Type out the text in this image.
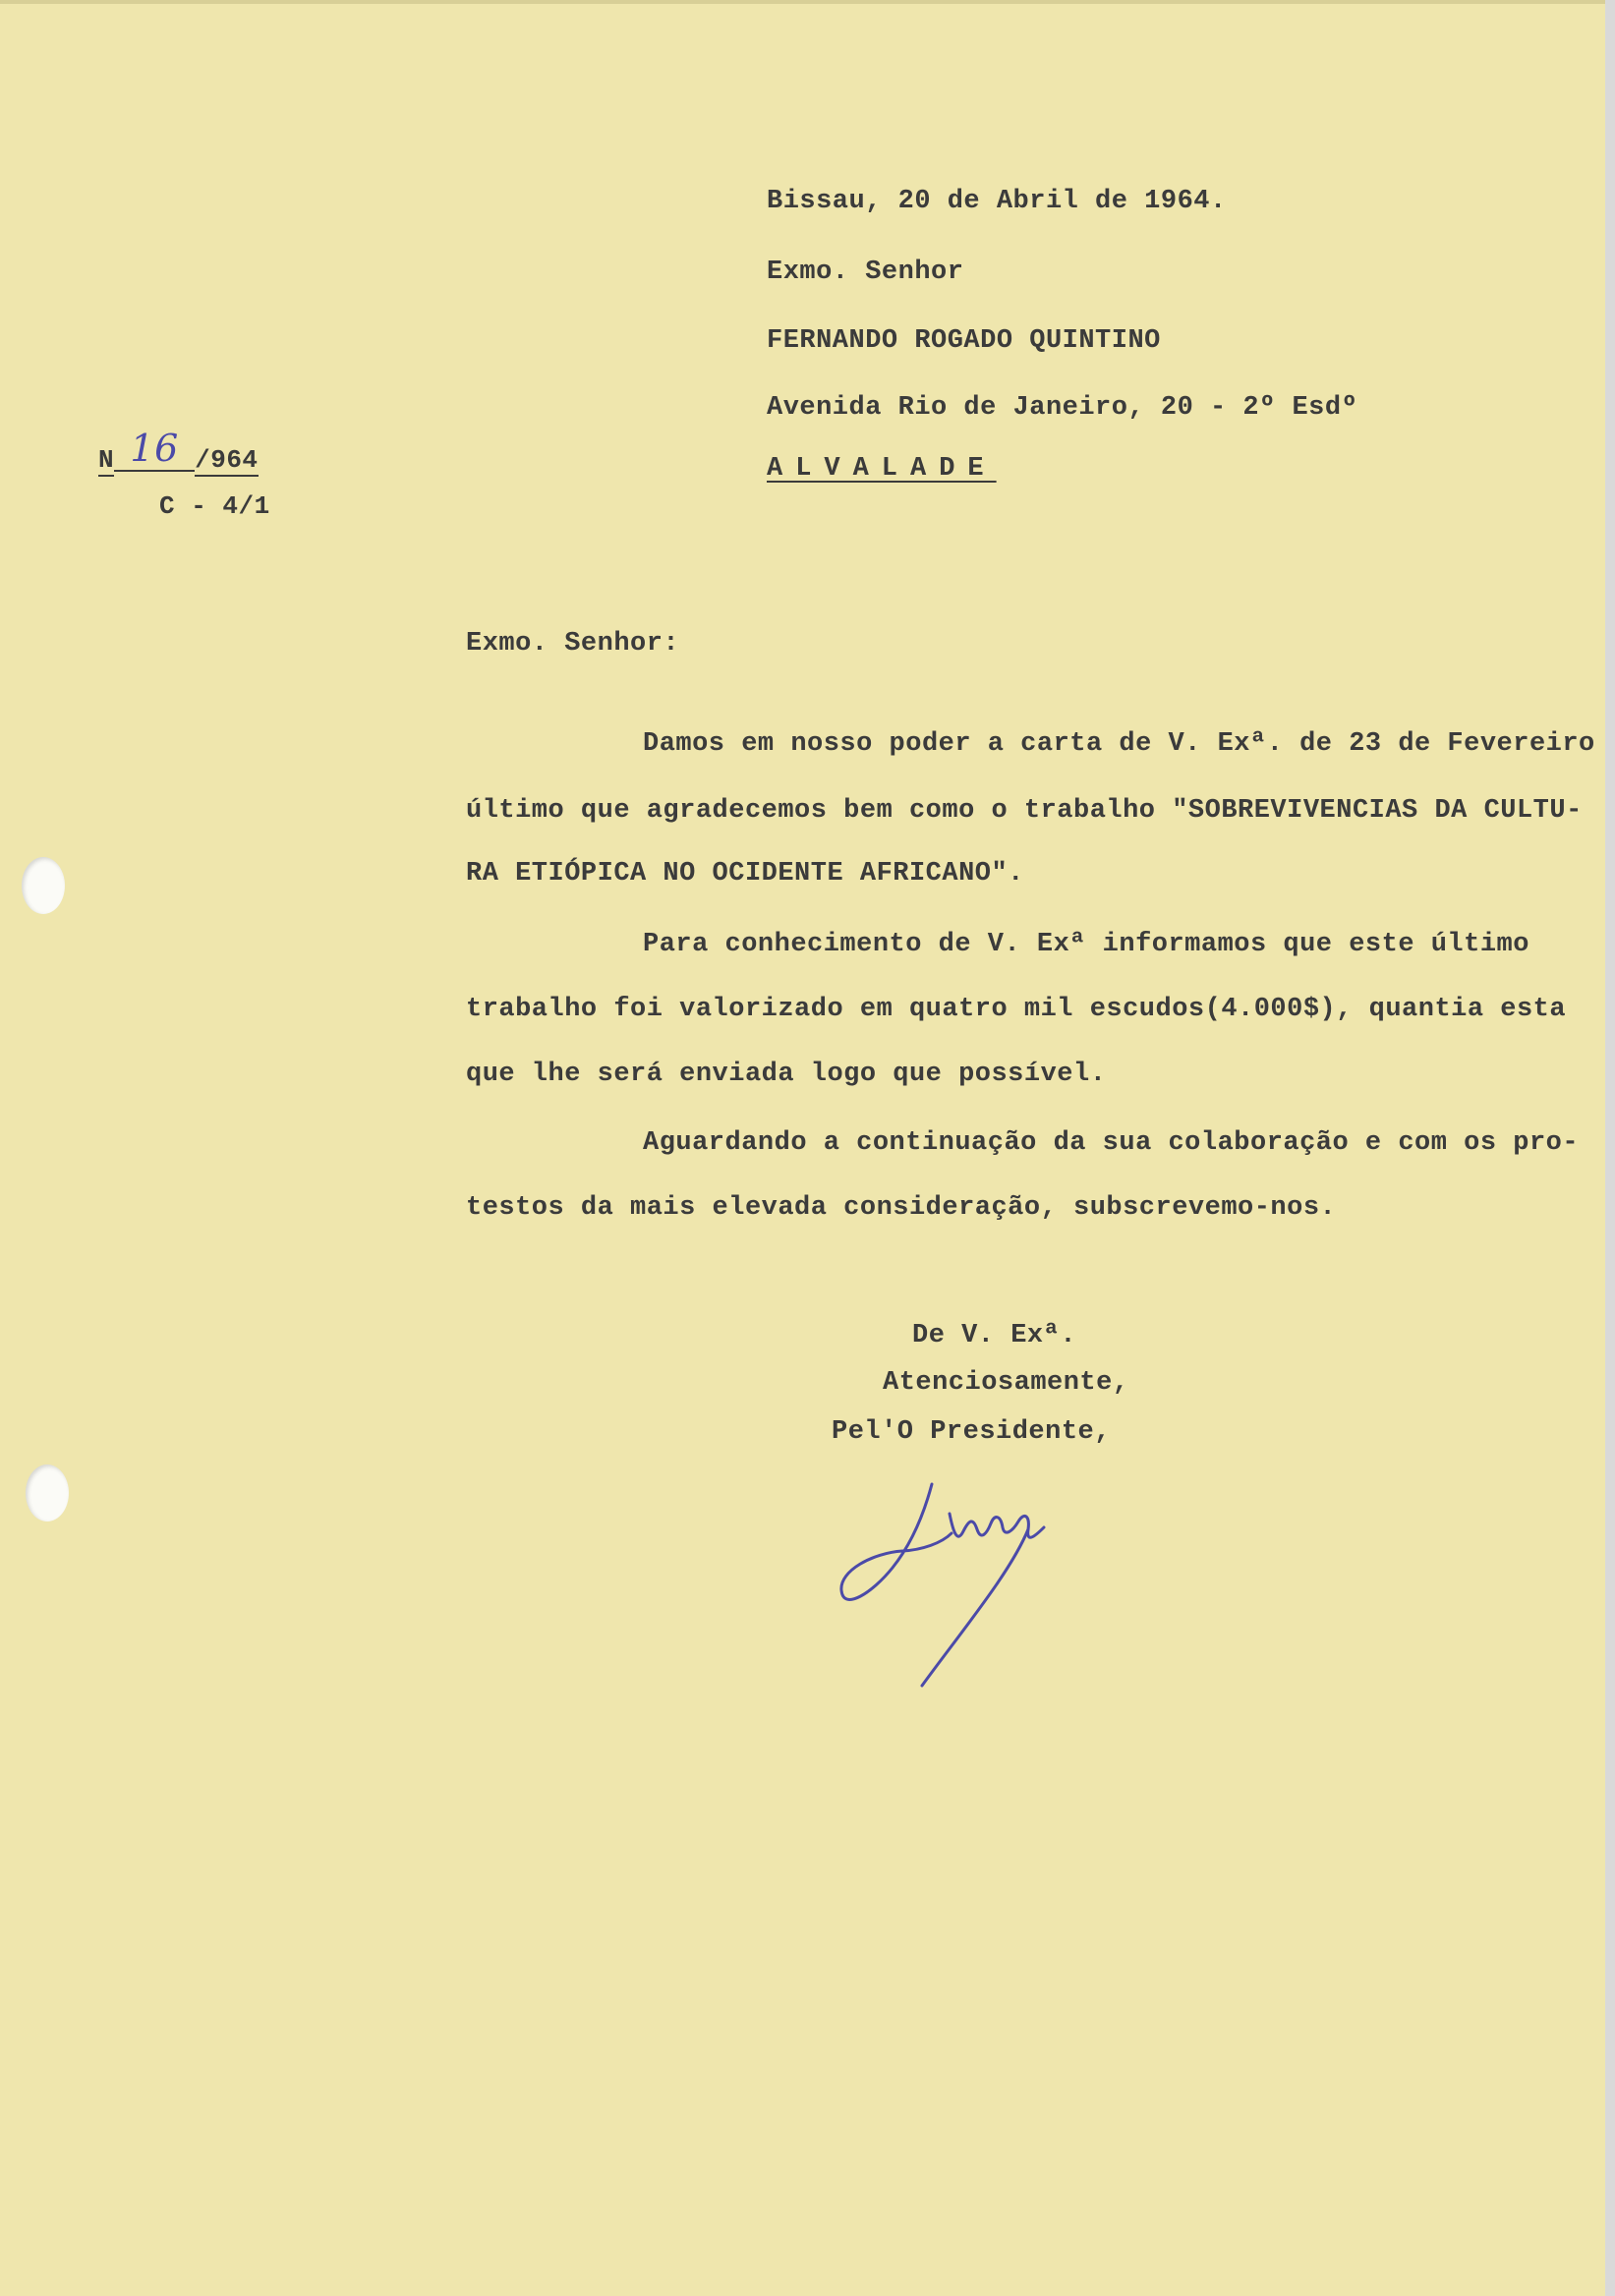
N 16 /964
C - 4/1
Bissau, 20 de Abril de 1964.
Exmo. Senhor
FERNANDO ROGADO QUINTINO
Avenida Rio de Janeiro, 20 - 2º Esdº
ALVALADE
Exmo. Senhor:
Damos em nosso poder a carta de V. Exª. de 23 de Fevereiro
último que agradecemos bem como o trabalho "SOBREVIVENCIAS DA CULTU-
RA ETIÓPICA NO OCIDENTE AFRICANO".
Para conhecimento de V. Exª informamos que este último
trabalho foi valorizado em quatro mil escudos(4.000$), quantia esta
que lhe será enviada logo que possível.
Aguardando a continuação da sua colaboração e com os pro-
testos da mais elevada consideração, subscrevemo-nos.
De V. Exª.
Atenciosamente,
Pel'O Presidente,
